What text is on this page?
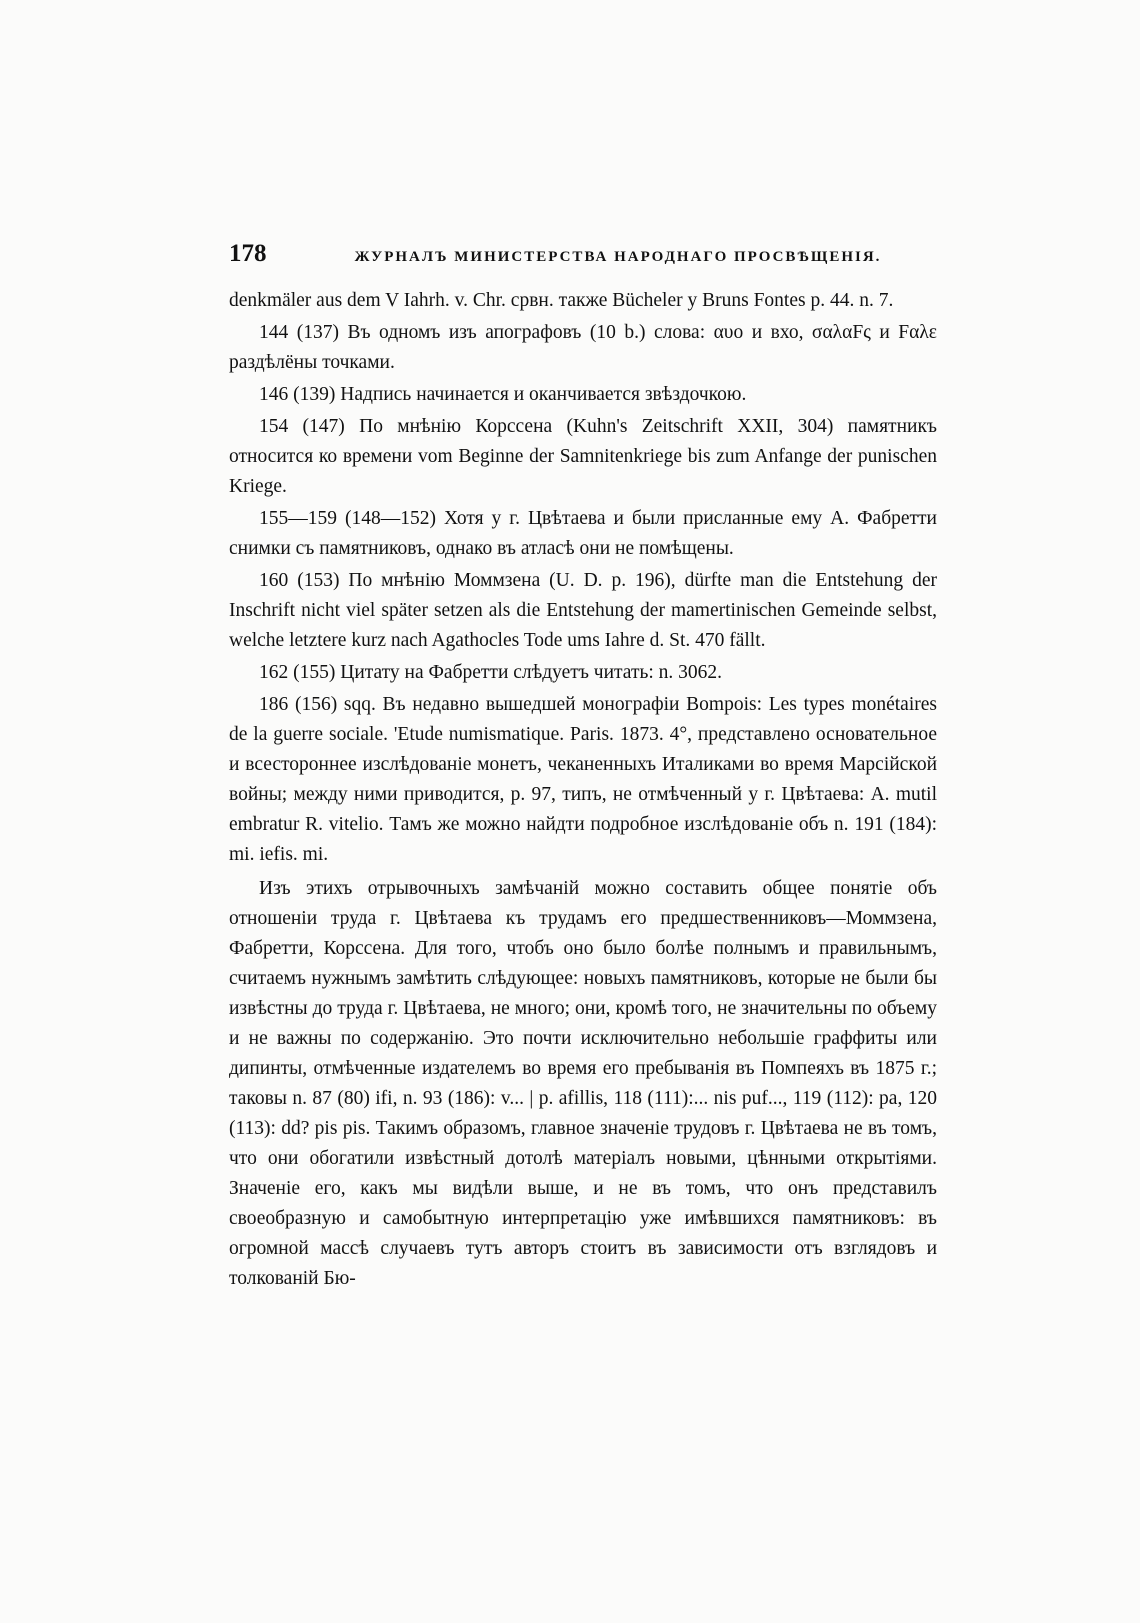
178	ЖУРНАЛЪ МИНИСТЕРСТВА НАРОДНАГО ПРОСВѢЩЕНІЯ.

denkmäler aus dem V Iahrh. v. Chr. срвн. также Bücheler у Bruns Fontes p. 44. n. 7.

144 (137) Въ одномъ изъ апографовъ (10 b.) слова: αυο и вхо, σαλαFς и Fαλε раздѣлёны точками.

146 (139) Надпись начинается и оканчивается звѣздочкою.

154 (147) По мнѣнію Корссена (Kuhn's Zeitschrift XXII, 304) памятникъ относится ко времени vom Beginne der Samnitenkriege bis zum Anfange der punischen Kriege.

155—159 (148—152) Хотя у г. Цвѣтаева и были присланные ему А. Фабретти снимки съ памятниковъ, однако въ атласѣ они не помѣщены.

160 (153) По мнѣнію Моммзена (U. D. p. 196), dürfte man die Entstehung der Inschrift nicht viel später setzen als die Entstehung der mamertinischen Gemeinde selbst, welche letztere kurz nach Agathocles Tode ums Iahre d. St. 470 fällt.

162 (155) Цитату на Фабретти слѣдуетъ читать: n. 3062.

186 (156) sqq. Въ недавно вышедшей монографіи Bompois: Les types monétaires de la guerre sociale. 'Etude numismatique. Paris. 1873. 4°, представлено основательное и всестороннее изслѣдованіе монетъ, чеканенныхъ Италиками во время Марсійской войны; между ними приводится, p. 97, типъ, не отмѣченный у г. Цвѣтаева: A. mutil embratur R. vitelio. Тамъ же можно найдти подробное изслѣдованіе объ n. 191 (184): mi. iefis. mi.

Изъ этихъ отрывочныхъ замѣчаній можно составить общее понятіе объ отношеніи труда г. Цвѣтаева къ трудамъ его предшественниковъ—Моммзена, Фабретти, Корссена. Для того, чтобъ оно было болѣе полнымъ и правильнымъ, считаемъ нужнымъ замѣтить слѣдующее: новыхъ памятниковъ, которые не были бы извѣстны до труда г. Цвѣтаева, не много; они, кромѣ того, не значительны по объему и не важны по содержанію. Это почти исключительно небольшіе граффиты или дипинты, отмѣченные издателемъ во время его пребыванія въ Помпеяхъ въ 1875 г.; таковы n. 87 (80) ifi, n. 93 (186): v... | p. afillis, 118 (111):... nis puf..., 119 (112): pa, 120 (113): dd? pis pis. Такимъ образомъ, главное значеніе трудовъ г. Цвѣтаева не въ томъ, что они обогатили извѣстный дотолѣ матеріалъ новыми, цѣнными открытіями. Значеніе его, какъ мы видѣли выше, и не въ томъ, что онъ представилъ своеобразную и самобытную интерпретацію уже имѣвшихся памятниковъ: въ огромной массѣ случаевъ тутъ авторъ стоитъ въ зависимости отъ взглядовъ и толкованій Бю-
